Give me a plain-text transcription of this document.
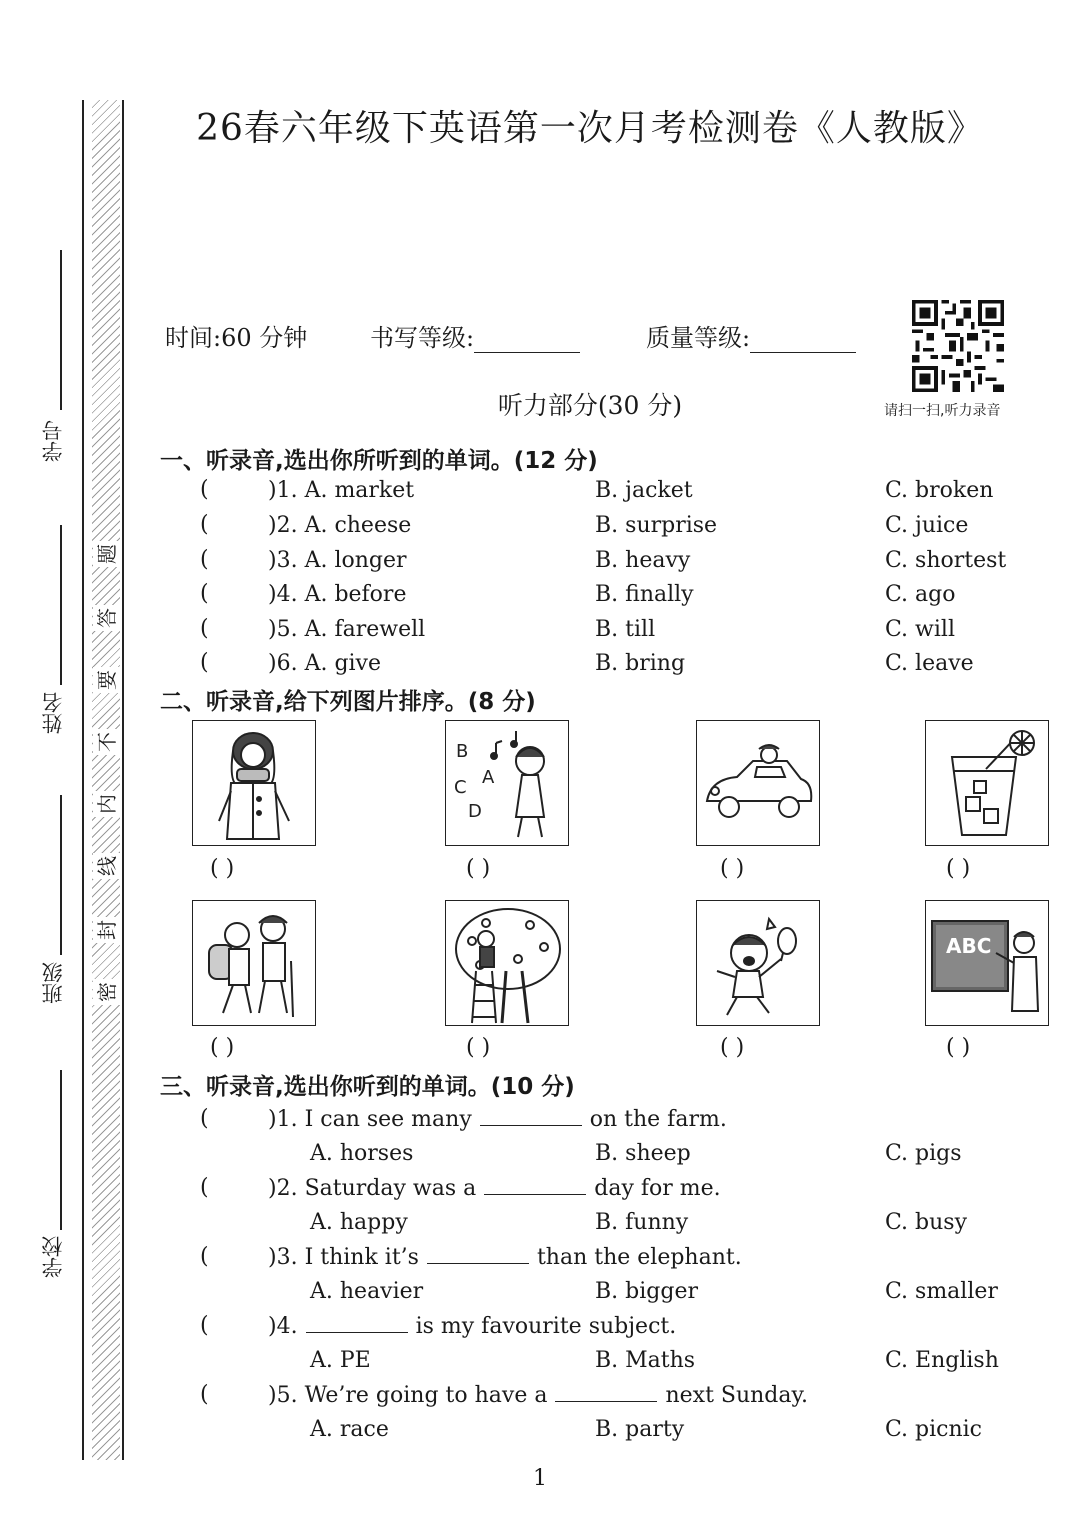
学号
姓名
班级
学校
密
封
线
内
不
要
答
题
26春六年级下英语第一次月考检测卷《人教版》
时间:60 分钟	书写等级:	质量等级:
请扫一扫,听力录音
听力部分(30 分)
一、听录音,选出你所听到的单词。(12 分)
(	)1. A. market	B. jacket	C. broken
(	)2. A. cheese	B. surprise	C. juice
(	)3. A. longer	B. heavy	C. shortest
(	)4. A. before	B. finally	C. ago
(	)5. A. farewell	B. till	C. will
(	)6. A. give	B. bring	C. leave
二、听录音,给下列图片排序。(8 分)
B
C A
D
( )	( )	( )	( )
ABC
( )	( )	( )	( )
三、听录音,选出你听到的单词。(10 分)
(	)1. I can see many	on the farm.
A. horses	B. sheep	C. pigs
(	)2. Saturday was a	day for me.
A. happy	B. funny	C. busy
(	)3. I think it’s	than the elephant.
A. heavier	B. bigger	C. smaller
(	)4.	is my favourite subject.
A. PE	B. Maths	C. English
(	)5. We’re going to have a	next Sunday.
A. race	B. party	C. picnic
1
